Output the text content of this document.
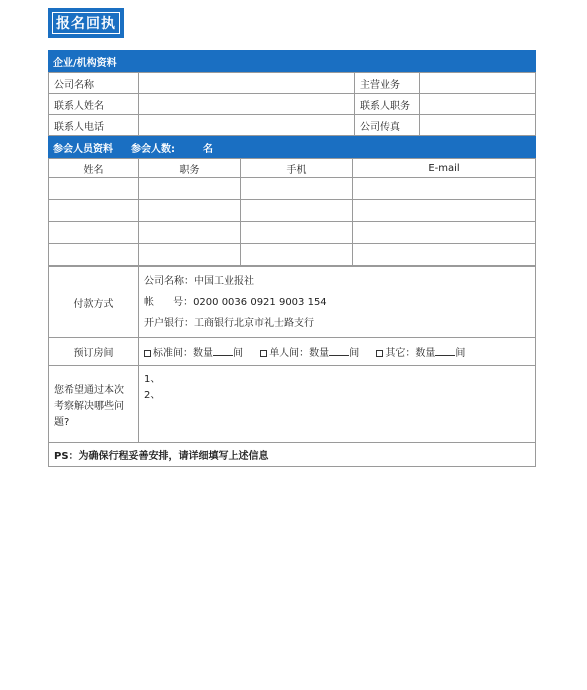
报名回执
企业/机构资料
公司名称		主营业务	
联系人姓名		联系人职务	
联系人电话		公司传真	
参会人员资料 参会人数:	名
姓名	职务	手机	E-mail

付款方式	公司名称：中国工业报社
帐      号：0200 0036 0921 9003 154
开户银行：工商银行北京市礼士路支行

预订房间	标准间：数量 间 单人间：数量 间 其它：数量 间
您希望通过本次考察解决哪些问题?	1、
2、

PS：为确保行程妥善安排，请详细填写上述信息	
